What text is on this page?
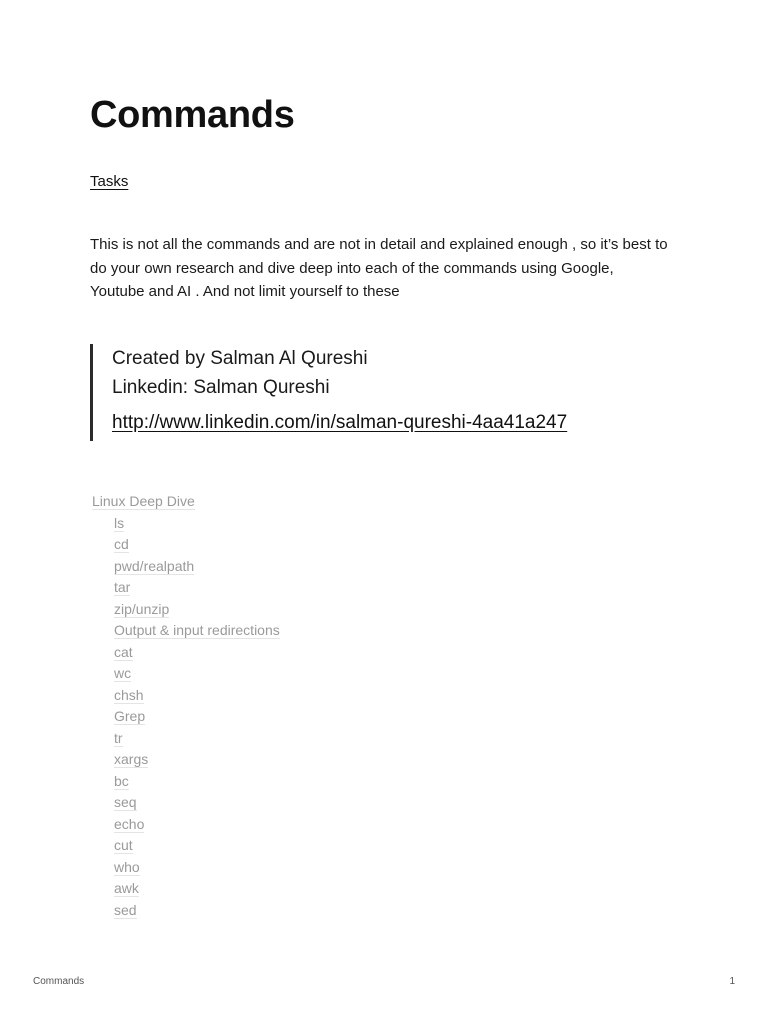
Commands
Tasks

This is not all the commands and are not in detail and explained enough , so it’s best to do your own research and dive deep into each of the commands using Google, Youtube and AI . And not limit yourself to these

Created by Salman Al Qureshi
Linkedin: Salman Qureshi
http://www.linkedin.com/in/salman-qureshi-4aa41a247
Linux Deep Dive
ls
cd
pwd/realpath
tar
zip/unzip
Output & input redirections
cat
wc
chsh
Grep
tr
xargs
bc
seq
echo
cut
who
awk
sed
Commands	1
